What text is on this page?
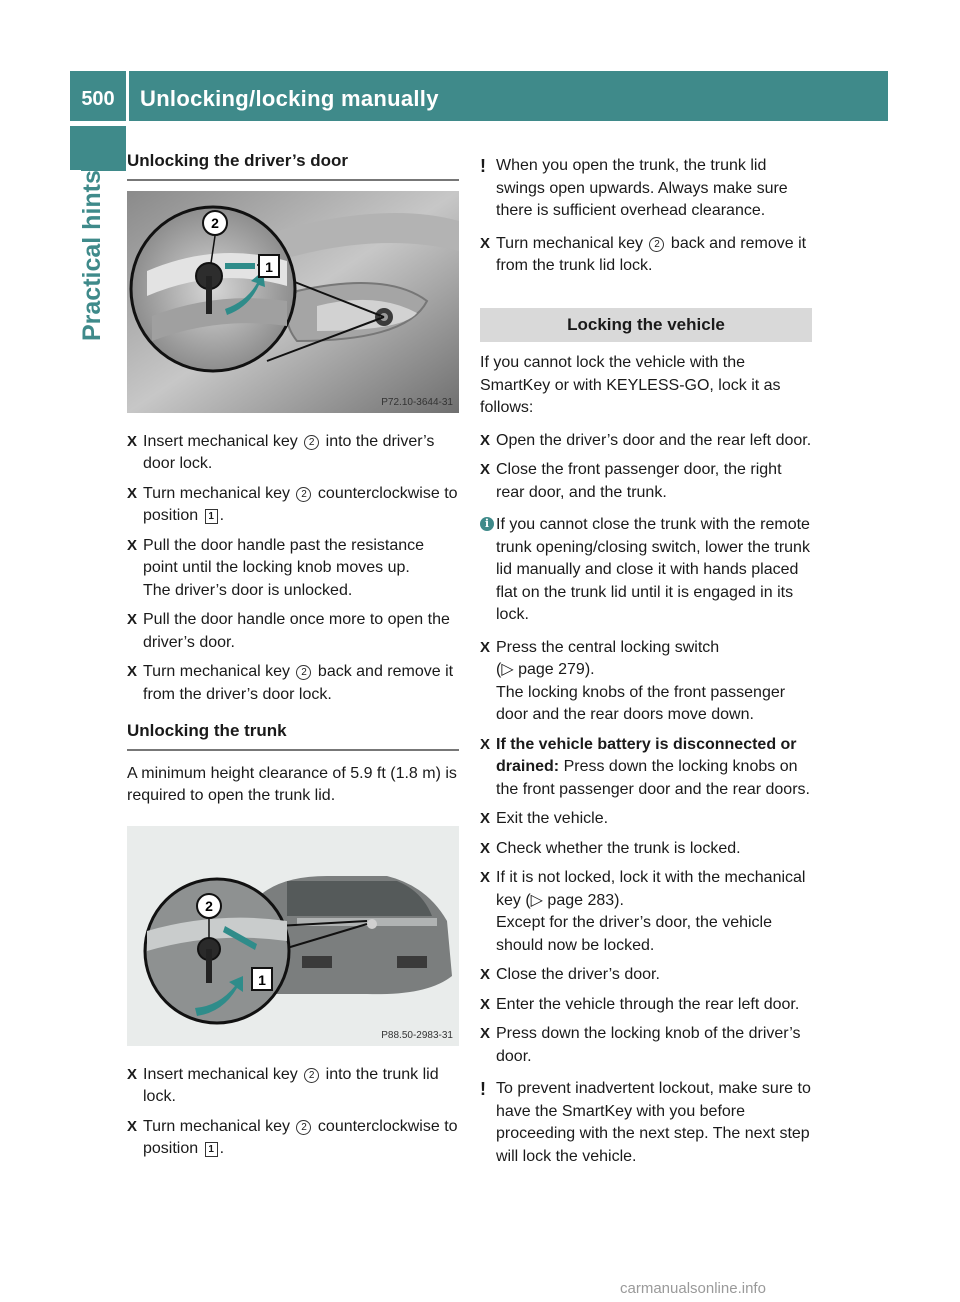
500	Unlocking/locking manually
Practical hints
Unlocking the driver’s door
2
1
P72.10-3644-31
X Insert mechanical key 2 into the driver’s door lock.
X Turn mechanical key 2 counterclockwise to position 1 .
X Pull the door handle past the resistance point until the locking knob moves up.
The driver’s door is unlocked.
X Pull the door handle once more to open the driver’s door.
X Turn mechanical key 2 back and remove it from the driver’s door lock.
Unlocking the trunk

A minimum height clearance of 5.9 ft (1.8 m) is required to open the trunk lid.

2
1
P88.50-2983-31
X Insert mechanical key 2 into the trunk lid lock.
X Turn mechanical key 2 counterclockwise to position 1 .
! When you open the trunk, the trunk lid swings open upwards. Always make sure there is sufficient overhead clearance.
X Turn mechanical key 2 back and remove it from the trunk lid lock.
Locking the vehicle

If you cannot lock the vehicle with the SmartKey or with KEYLESS-GO, lock it as follows:

X Open the driver’s door and the rear left door.
X Close the front passenger door, the right rear door, and the trunk.
i If you cannot close the trunk with the remote trunk opening/closing switch, lower the trunk lid manually and close it with hands placed flat on the trunk lid until it is engaged in its lock.
X Press the central locking switch
(▷ page 279).
The locking knobs of the front passenger door and the rear doors move down.
X If the vehicle battery is disconnected or drained: Press down the locking knobs on the front passenger door and the rear doors.
X Exit the vehicle.
X Check whether the trunk is locked.
X If it is not locked, lock it with the mechanical key (▷ page 283).
Except for the driver’s door, the vehicle should now be locked.
X Close the driver’s door.
X Enter the vehicle through the rear left door.
X Press down the locking knob of the driver’s door.
! To prevent inadvertent lockout, make sure to have the SmartKey with you before proceeding with the next step. The next step will lock the vehicle.
carmanualsonline.info
